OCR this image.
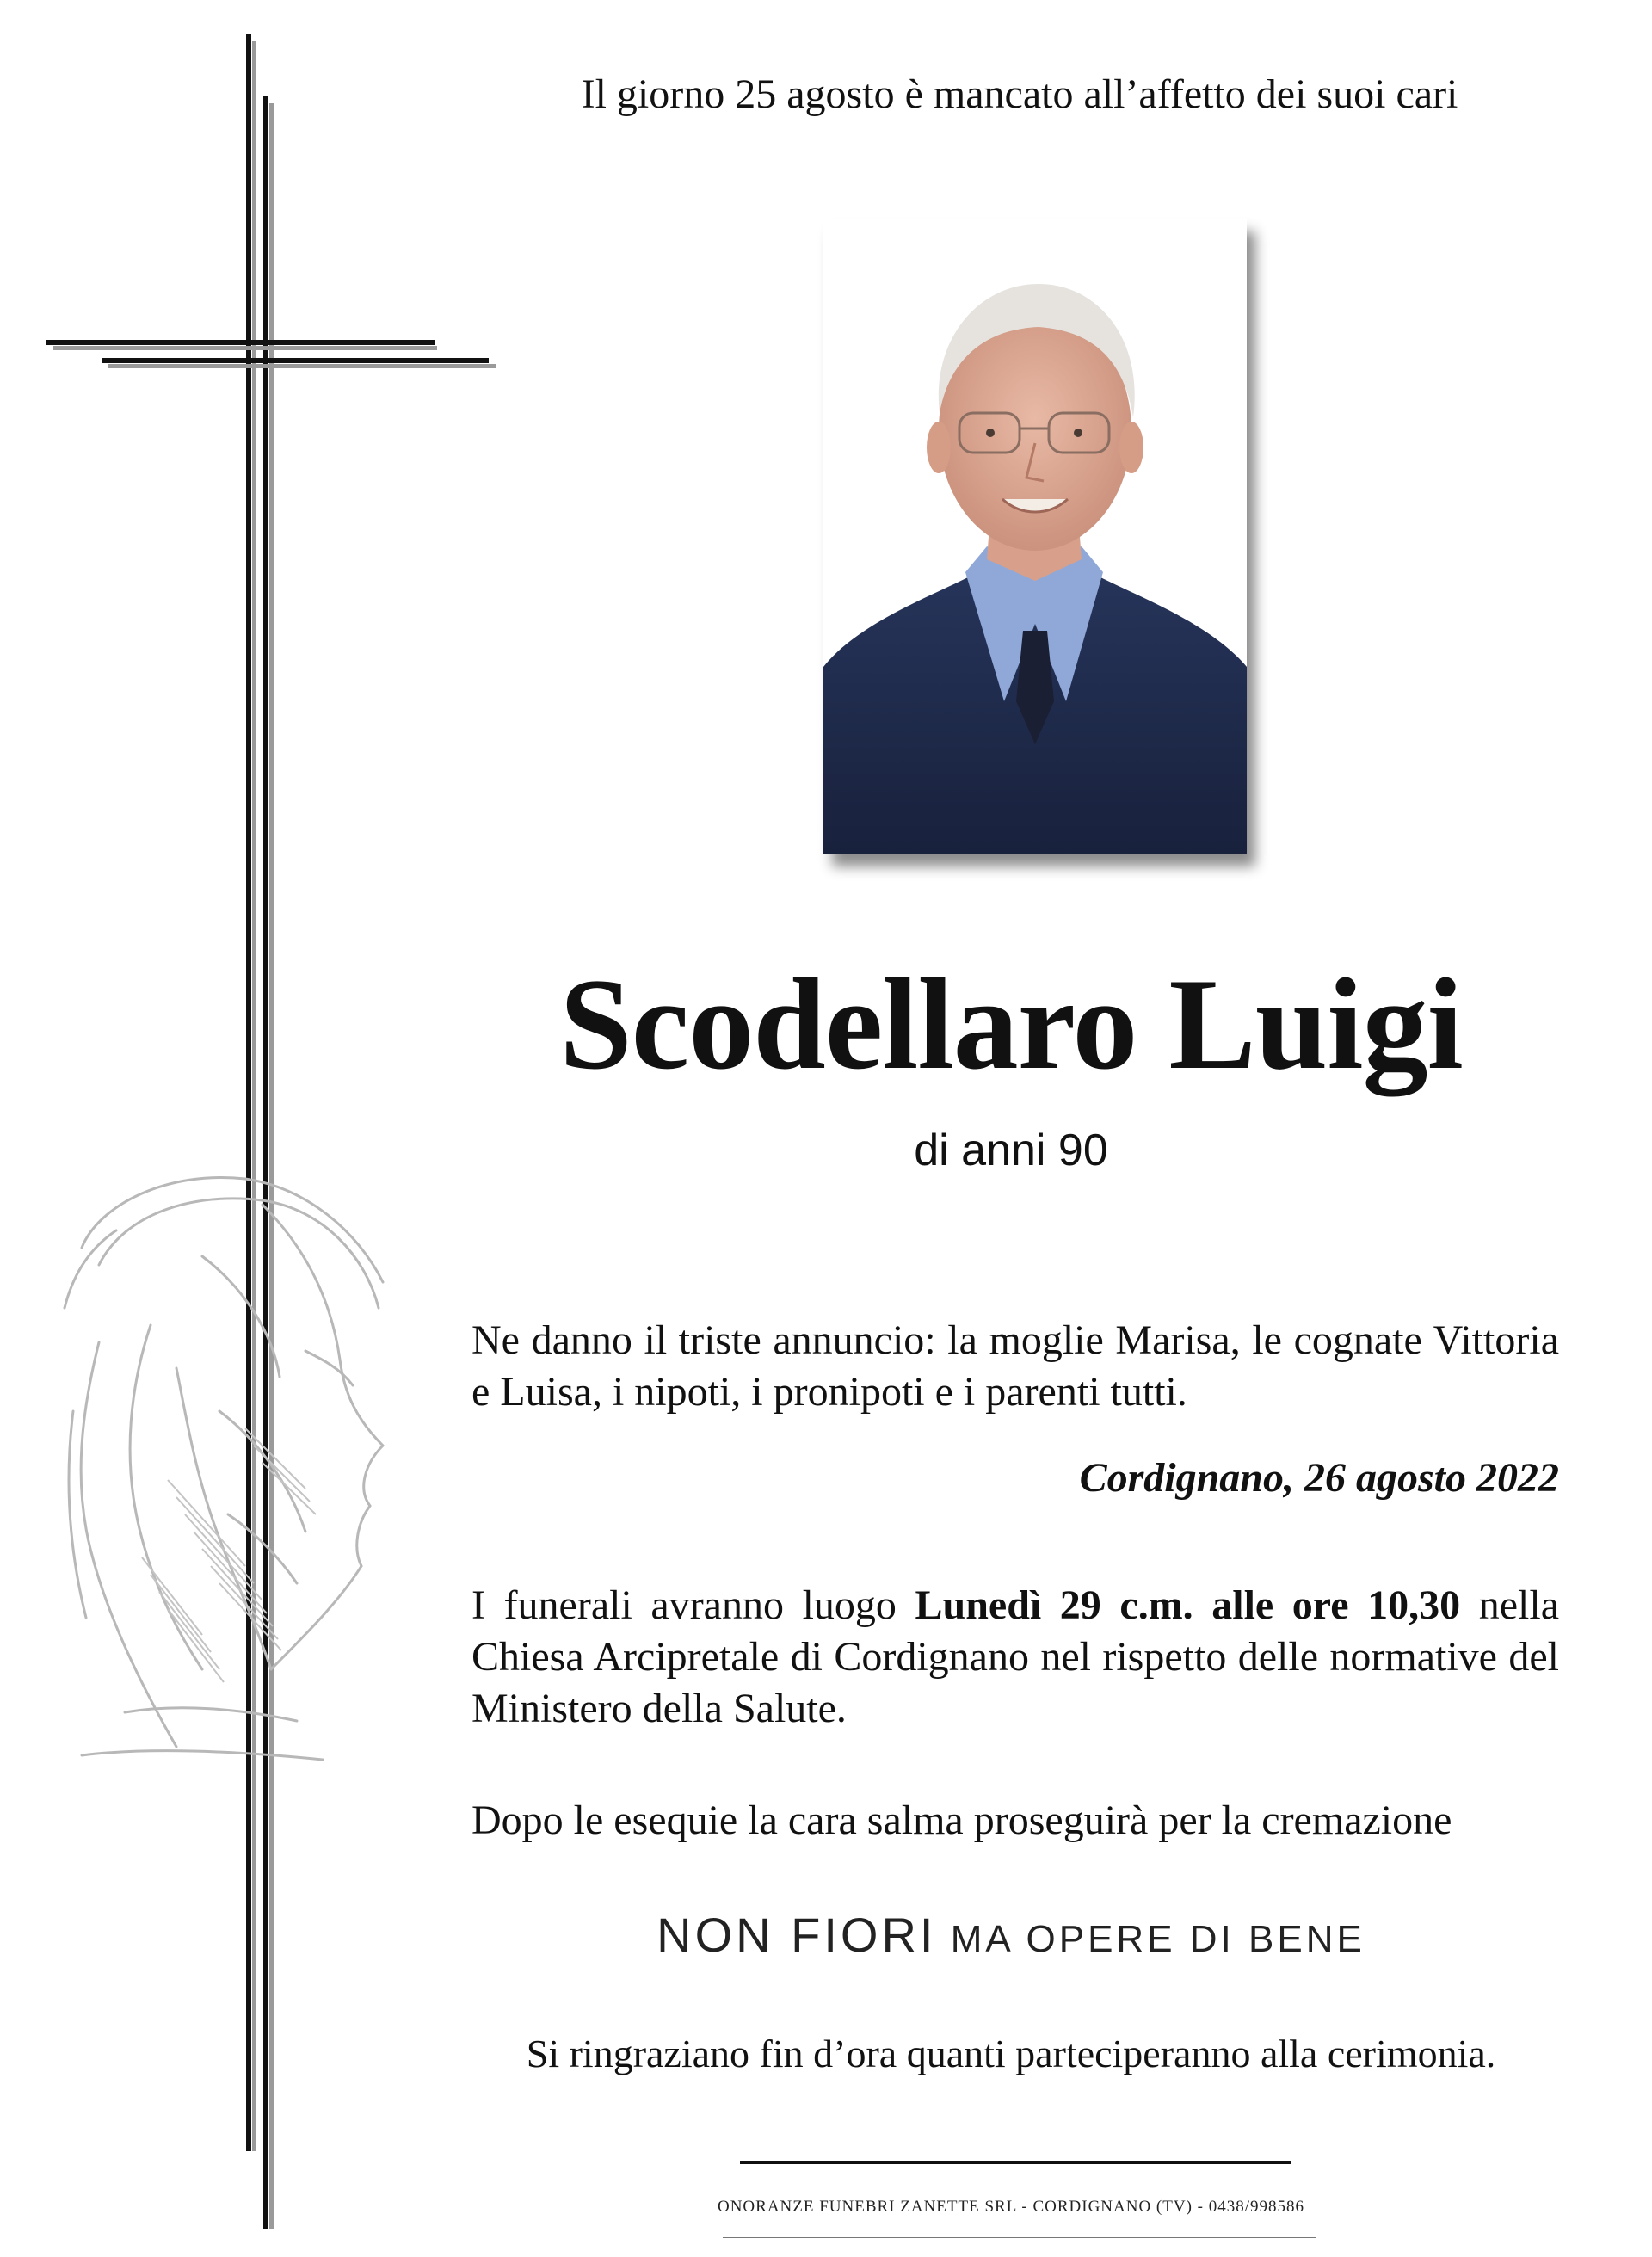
Il giorno 25 agosto è mancato all’affetto dei suoi cari
Scodellaro Luigi
di anni 90
Ne danno il triste annuncio: la moglie Marisa, le cognate Vittoria e Luisa, i nipoti, i pronipoti e i parenti tutti.
Cordignano, 26 agosto 2022
I funerali avranno luogo Lunedì 29 c.m. alle ore 10,30 nella Chiesa Arcipretale di Cordignano nel rispetto delle normative del Ministero della Salute.
Dopo le esequie la cara salma proseguirà per la cremazione
NON FIORI MA OPERE DI BENE
Si ringraziano fin d’ora quanti parteciperanno alla cerimonia.
ONORANZE FUNEBRI ZANETTE SRL - CORDIGNANO (TV) - 0438/998586
